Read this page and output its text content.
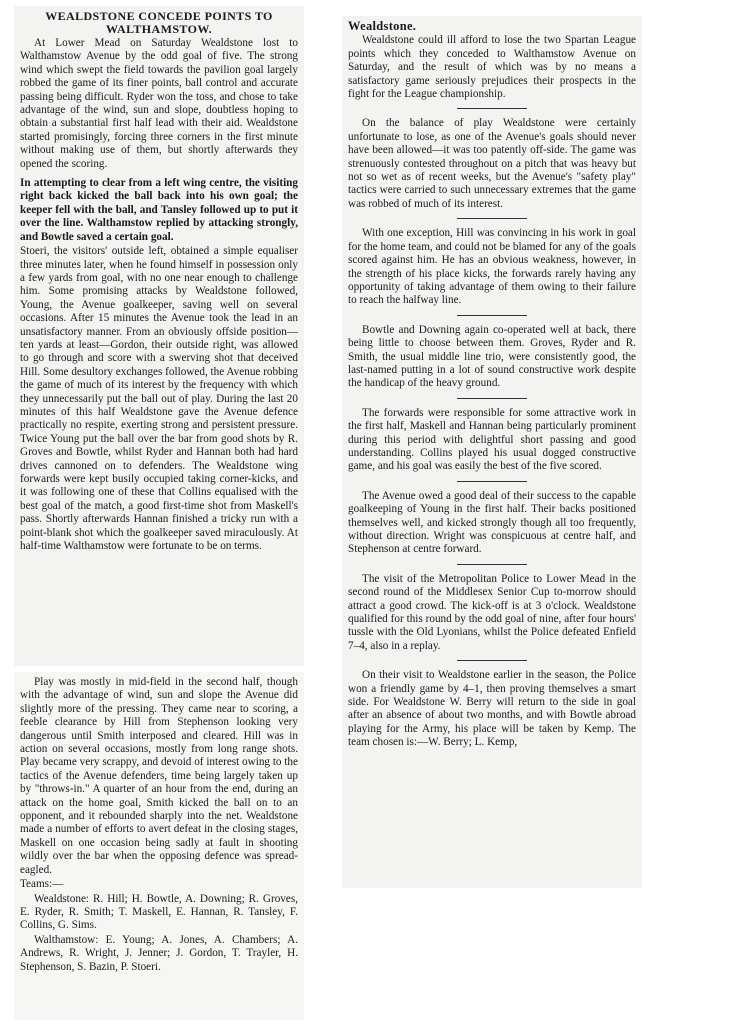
WEALDSTONE CONCEDE POINTS TO WALTHAMSTOW.

At Lower Mead on Saturday Wealdstone lost to Walthamstow Avenue by the odd goal of five. The strong wind which swept the field towards the pavilion goal largely robbed the game of its finer points, ball control and accurate passing being difficult. Ryder won the toss, and chose to take advantage of the wind, sun and slope, doubtless hoping to obtain a substantial first half lead with their aid. Wealdstone started promisingly, forcing three corners in the first minute without making use of them, but shortly afterwards they opened the scoring.

In attempting to clear from a left wing centre, the visiting right back kicked the ball back into his own goal; the keeper fell with the ball, and Tansley followed up to put it over the line. Walthamstow replied by attacking strongly, and Bowtle saved a certain goal.

Stoeri, the visitors' outside left, obtained a simple equaliser three minutes later, when he found himself in possession only a few yards from goal, with no one near enough to challenge him. Some promising attacks by Wealdstone followed, Young, the Avenue goalkeeper, saving well on several occasions. After 15 minutes the Avenue took the lead in an unsatisfactory manner. From an obviously offside position—ten yards at least—Gordon, their outside right, was allowed to go through and score with a swerving shot that deceived Hill. Some desultory exchanges followed, the Avenue robbing the game of much of its interest by the frequency with which they unnecessarily put the ball out of play. During the last 20 minutes of this half Wealdstone gave the Avenue defence practically no respite, exerting strong and persistent pressure. Twice Young put the ball over the bar from good shots by R. Groves and Bowtle, whilst Ryder and Hannan both had hard drives cannoned on to defenders. The Wealdstone wing forwards were kept busily occupied taking corner-kicks, and it was following one of these that Collins equalised with the best goal of the match, a good first-time shot from Maskell's pass. Shortly afterwards Hannan finished a tricky run with a point-blank shot which the goalkeeper saved miraculously. At half-time Walthamstow were fortunate to be on terms.

Play was mostly in mid-field in the second half, though with the advantage of wind, sun and slope the Avenue did slightly more of the pressing. They came near to scoring, a feeble clearance by Hill from Stephenson looking very dangerous until Smith interposed and cleared. Hill was in action on several occasions, mostly from long range shots. Play became very scrappy, and devoid of interest owing to the tactics of the Avenue defenders, time being largely taken up by "throws-in." A quarter of an hour from the end, during an attack on the home goal, Smith kicked the ball on to an opponent, and it rebounded sharply into the net. Wealdstone made a number of efforts to avert defeat in the closing stages, Maskell on one occasion being sadly at fault in shooting wildly over the bar when the opposing defence was spread-eagled.

Teams:—

Wealdstone: R. Hill; H. Bowtle, A. Downing; R. Groves, E. Ryder, R. Smith; T. Maskell, E. Hannan, R. Tansley, F. Collins, G. Sims.

Walthamstow: E. Young; A. Jones, A. Chambers; A. Andrews, R. Wright, J. Jenner; J. Gordon, T. Trayler, H. Stephenson, S. Bazin, P. Stoeri.

Wealdstone.

Wealdstone could ill afford to lose the two Spartan League points which they conceded to Walthamstow Avenue on Saturday, and the result of which was by no means a satisfactory game seriously prejudices their prospects in the fight for the League championship.

On the balance of play Wealdstone were certainly unfortunate to lose, as one of the Avenue's goals should never have been allowed—it was too patently off-side. The game was strenuously contested throughout on a pitch that was heavy but not so wet as of recent weeks, but the Avenue's "safety play" tactics were carried to such unnecessary extremes that the game was robbed of much of its interest.

With one exception, Hill was convincing in his work in goal for the home team, and could not be blamed for any of the goals scored against him. He has an obvious weakness, however, in the strength of his place kicks, the forwards rarely having any opportunity of taking advantage of them owing to their failure to reach the halfway line.

Bowtle and Downing again co-operated well at back, there being little to choose between them. Groves, Ryder and R. Smith, the usual middle line trio, were consistently good, the last-named putting in a lot of sound constructive work despite the handicap of the heavy ground.

The forwards were responsible for some attractive work in the first half, Maskell and Hannan being particularly prominent during this period with delightful short passing and good understanding. Collins played his usual dogged constructive game, and his goal was easily the best of the five scored.

The Avenue owed a good deal of their success to the capable goalkeeping of Young in the first half. Their backs positioned themselves well, and kicked strongly though all too frequently, without direction. Wright was conspicuous at centre half, and Stephenson at centre forward.

The visit of the Metropolitan Police to Lower Mead in the second round of the Middlesex Senior Cup to-morrow should attract a good crowd. The kick-off is at 3 o'clock. Wealdstone qualified for this round by the odd goal of nine, after four hours' tussle with the Old Lyonians, whilst the Police defeated Enfield 7–4, also in a replay.

On their visit to Wealdstone earlier in the season, the Police won a friendly game by 4–1, then proving themselves a smart side. For Wealdstone W. Berry will return to the side in goal after an absence of about two months, and with Bowtle abroad playing for the Army, his place will be taken by Kemp. The team chosen is:—W. Berry; L. Kemp,
